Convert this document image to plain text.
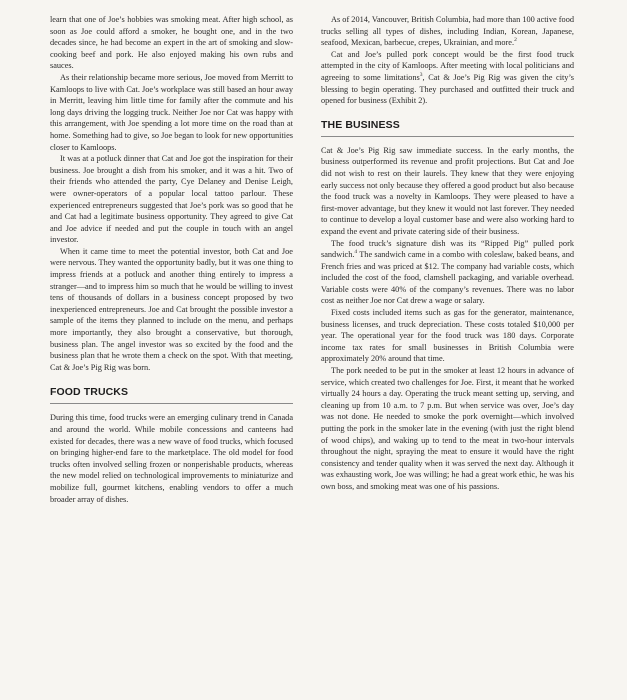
learn that one of Joe’s hobbies was smoking meat. After high school, as soon as Joe could afford a smoker, he bought one, and in the two decades since, he had become an expert in the art of smoking and slow-cooking beef and pork. He also enjoyed making his own rubs and sauces.

As their relationship became more serious, Joe moved from Merritt to Kamloops to live with Cat. Joe’s workplace was still based an hour away in Merritt, leaving him little time for family after the commute and his long days driving the logging truck. Neither Joe nor Cat was happy with this arrangement, with Joe spending a lot more time on the road than at home. Something had to give, so Joe began to look for new opportunities closer to Kamloops.

It was at a potluck dinner that Cat and Joe got the inspiration for their business. Joe brought a dish from his smoker, and it was a hit. Two of their friends who attended the party, Cye Delaney and Denise Leigh, were owner-operators of a popular local tattoo parlour. These experienced entrepreneurs suggested that Joe’s pork was so good that he and Cat had a legitimate business opportunity. They agreed to give Cat and Joe advice if needed and put the couple in touch with an angel investor.

When it came time to meet the potential investor, both Cat and Joe were nervous. They wanted the opportunity badly, but it was one thing to impress friends at a potluck and another thing entirely to impress a stranger—and to impress him so much that he would be willing to invest tens of thousands of dollars in a business concept proposed by two inexperienced entrepreneurs. Joe and Cat brought the possible investor a sample of the items they planned to include on the menu, and perhaps more importantly, they also brought a conservative, but thorough, business plan. The angel investor was so excited by the food and the business plan that he wrote them a check on the spot. With that meeting, Cat & Joe’s Pig Rig was born.

FOOD TRUCKS

During this time, food trucks were an emerging culinary trend in Canada and around the world. While mobile concessions and canteens had existed for decades, there was a new wave of food trucks, which focused on bringing higher-end fare to the marketplace. The old model for food trucks often involved selling frozen or nonperishable products, whereas the new model relied on technological improvements to miniaturize and mobilize full, gourmet kitchens, enabling vendors to offer a much broader array of dishes.

As of 2014, Vancouver, British Columbia, had more than 100 active food trucks selling all types of dishes, including Indian, Korean, Japanese, seafood, Mexican, barbecue, crepes, Ukrainian, and more.$^2$

Cat and Joe’s pulled pork concept would be the first food truck attempted in the city of Kamloops. After meeting with local politicians and agreeing to some limitations$^3$, Cat & Joe’s Pig Rig was given the city’s blessing to begin operating. They purchased and outfitted their truck and opened for business (Exhibit 2).

THE BUSINESS

Cat & Joe’s Pig Rig saw immediate success. In the early months, the business outperformed its revenue and profit projections. But Cat and Joe did not wish to rest on their laurels. They knew that they were enjoying early success not only because they offered a good product but also because the food truck was a novelty in Kamloops. They were pleased to have a first-mover advantage, but they knew it would not last forever. They needed to continue to develop a loyal customer base and were also working hard to expand the event and private catering side of their business.

The food truck’s signature dish was its “Ripped Pig” pulled pork sandwich.$^4$ The sandwich came in a combo with coleslaw, baked beans, and French fries and was priced at $12. The company had variable costs, which included the cost of the food, clamshell packaging, and variable overhead. Variable costs were 40% of the company’s revenues. There was no labor cost as neither Joe nor Cat drew a wage or salary.

Fixed costs included items such as gas for the generator, maintenance, business licenses, and truck depreciation. These costs totaled $10,000 per year. The operational year for the food truck was 180 days. Corporate income tax rates for small businesses in British Columbia were approximately 20% around that time.

The pork needed to be put in the smoker at least 12 hours in advance of service, which created two challenges for Joe. First, it meant that he worked virtually 24 hours a day. Operating the truck meant setting up, serving, and cleaning up from 10 a.m. to 7 p.m. But when service was over, Joe’s day was not done. He needed to smoke the pork overnight—which involved putting the pork in the smoker late in the evening (with just the right blend of wood chips), and waking up to tend to the meat in two-hour intervals throughout the night, spraying the meat to ensure it would have the right consistency and tender quality when it was served the next day. Although it was exhausting work, Joe was willing; he had a great work ethic, he was his own boss, and smoking meat was one of his passions.
